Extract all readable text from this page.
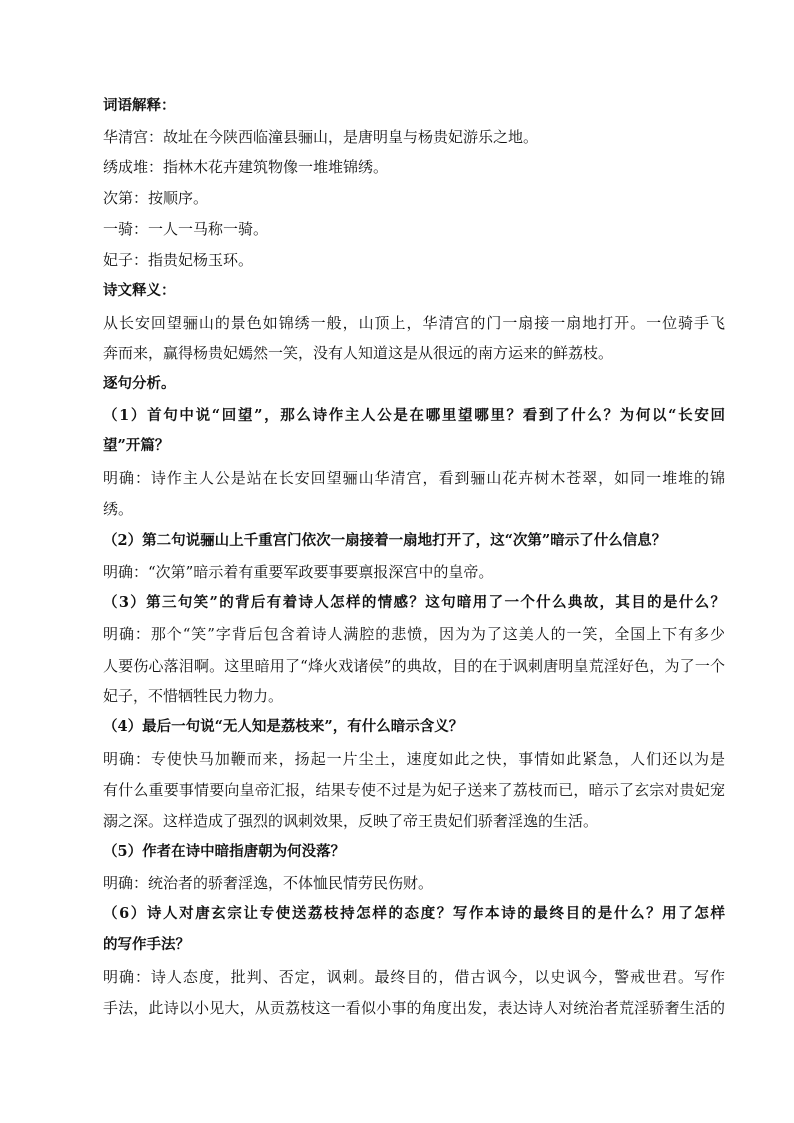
词语解释：
华清宫：故址在今陕西临潼县骊山，是唐明皇与杨贵妃游乐之地。
绣成堆：指林木花卉建筑物像一堆堆锦绣。
次第：按顺序。
一骑：一人一马称一骑。
妃子：指贵妃杨玉环。
诗文释义：
从长安回望骊山的景色如锦绣一般，山顶上，华清宫的门一扇接一扇地打开。一位骑手飞
奔而来，赢得杨贵妃嫣然一笑，没有人知道这是从很远的南方运来的鲜荔枝。
逐句分析。
（1）首句中说“回望”，那么诗作主人公是在哪里望哪里？看到了什么？为何以“长安回
望”开篇？
明确：诗作主人公是站在长安回望骊山华清宫，看到骊山花卉树木苍翠，如同一堆堆的锦
绣。
（2）第二句说骊山上千重宫门依次一扇接着一扇地打开了，这“次第”暗示了什么信息？
明确：“次第”暗示着有重要军政要事要禀报深宫中的皇帝。
（3）第三句笑”的背后有着诗人怎样的情感？这句暗用了一个什么典故，其目的是什么？
明确：那个“笑”字背后包含着诗人满腔的悲愤，因为为了这美人的一笑，全国上下有多少
人要伤心落泪啊。这里暗用了“烽火戏诸侯”的典故，目的在于讽刺唐明皇荒淫好色，为了一个
妃子，不惜牺牲民力物力。
（4）最后一句说“无人知是荔枝来”，有什么暗示含义？
明确：专使快马加鞭而来，扬起一片尘土，速度如此之快，事情如此紧急，人们还以为是
有什么重要事情要向皇帝汇报，结果专使不过是为妃子送来了荔枝而已，暗示了玄宗对贵妃宠
溺之深。这样造成了强烈的讽刺效果，反映了帝王贵妃们骄奢淫逸的生活。
（5）作者在诗中暗指唐朝为何没落？
明确：统治者的骄奢淫逸，不体恤民情劳民伤财。
（6）诗人对唐玄宗让专使送荔枝持怎样的态度？写作本诗的最终目的是什么？用了怎样
的写作手法？
明确：诗人态度，批判、否定，讽刺。最终目的，借古讽今，以史讽今，警戒世君。写作
手法，此诗以小见大，从贡荔枝这一看似小事的角度出发，表达诗人对统治者荒淫骄奢生活的
